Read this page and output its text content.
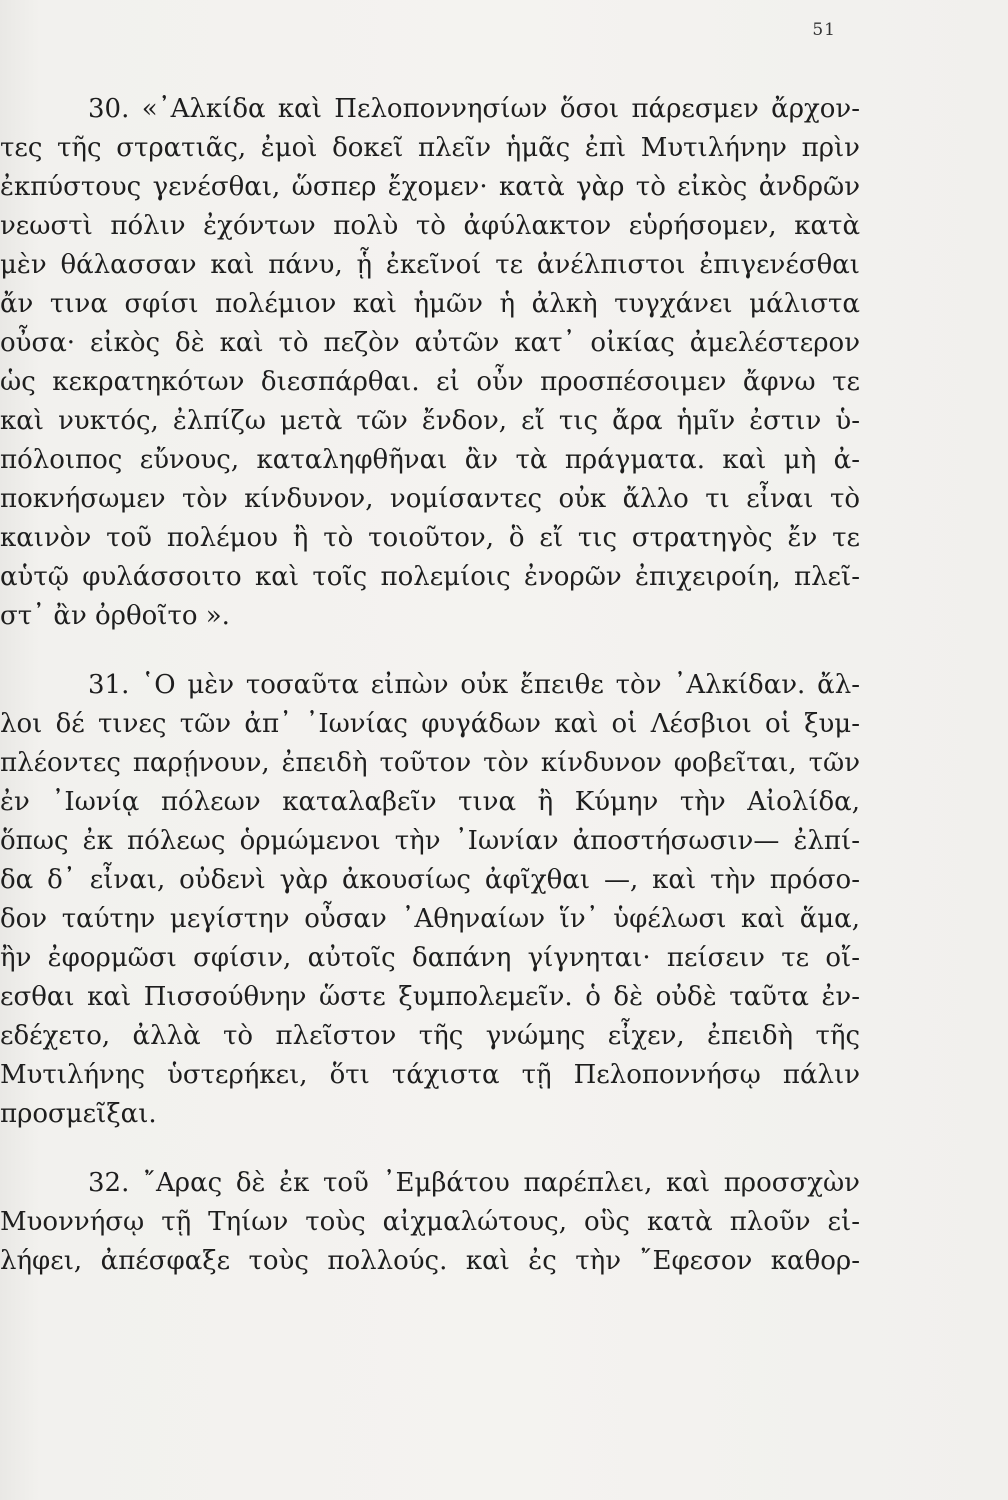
51
30. «᾿Αλκίδα καὶ Πελοποννησίων ὅσοι πάρεσμεν ἄρχον-
τες τῆς στρατιᾶς, ἐμοὶ δοκεῖ πλεῖν ἡμᾶς ἐπὶ Μυτιλήνην πρὶν
ἐκπύστους γενέσθαι, ὥσπερ ἔχομεν· κατὰ γὰρ τὸ εἰκὸς ἀνδρῶν
νεωστὶ πόλιν ἐχόντων πολὺ τὸ ἀφύλακτον εὑρήσομεν, κατὰ
μὲν θάλασσαν καὶ πάνυ, ᾗ ἐκεῖνοί τε ἀνέλπιστοι ἐπιγενέσθαι
ἄν τινα σφίσι πολέμιον καὶ ἡμῶν ἡ ἀλκὴ τυγχάνει μάλιστα
οὖσα· εἰκὸς δὲ καὶ τὸ πεζὸν αὐτῶν κατ᾿ οἰκίας ἀμελέστερον
ὡς κεκρατηκότων διεσπάρθαι. εἰ οὖν προσπέσοιμεν ἄφνω τε
καὶ νυκτός, ἐλπίζω μετὰ τῶν ἔνδον, εἴ τις ἄρα ἡμῖν ἐστιν ὑ-
πόλοιπος εὔνους, καταληφθῆναι ἂν τὰ πράγματα. καὶ μὴ ἀ-
ποκνήσωμεν τὸν κίνδυνον, νομίσαντες οὐκ ἄλλο τι εἶναι τὸ
καινὸν τοῦ πολέμου ἢ τὸ τοιοῦτον, ὃ εἴ τις στρατηγὸς ἔν τε
αὑτῷ φυλάσσοιτο καὶ τοῖς πολεμίοις ἐνορῶν ἐπιχειροίη, πλεῖ-
στ᾿ ἂν ὀρθοῖτο ».
31. ῾Ο μὲν τοσαῦτα εἰπὼν οὐκ ἔπειθε τὸν ᾿Αλκίδαν. ἄλ-
λοι δέ τινες τῶν ἀπ᾿ ᾿Ιωνίας φυγάδων καὶ οἱ Λέσβιοι οἱ ξυμ-
πλέοντες παρῄνουν, ἐπειδὴ τοῦτον τὸν κίνδυνον φοβεῖται, τῶν
ἐν ᾿Ιωνίᾳ πόλεων καταλαβεῖν τινα ἢ Κύμην τὴν Αἰολίδα,
ὅπως ἐκ πόλεως ὁρμώμενοι τὴν ᾿Ιωνίαν ἀποστήσωσιν— ἐλπί-
δα δ᾿ εἶναι, οὐδενὶ γὰρ ἀκουσίως ἀφῖχθαι —, καὶ τὴν πρόσο-
δον ταύτην μεγίστην οὖσαν ᾿Αθηναίων ἵν᾿ ὑφέλωσι καὶ ἅμα,
ἢν ἐφορμῶσι σφίσιν, αὐτοῖς δαπάνη γίγνηται· πείσειν τε οἴ-
εσθαι καὶ Πισσούθνην ὥστε ξυμπολεμεῖν. ὁ δὲ οὐδὲ ταῦτα ἐν-
εδέχετο, ἀλλὰ τὸ πλεῖστον τῆς γνώμης εἶχεν, ἐπειδὴ τῆς
Μυτιλήνης ὑστερήκει, ὅτι τάχιστα τῇ Πελοποννήσῳ πάλιν
προσμεῖξαι.
32. ῎Αρας δὲ ἐκ τοῦ ᾿Εμβάτου παρέπλει, καὶ προσσχὼν
Μυοννήσῳ τῇ Τηίων τοὺς αἰχμαλώτους, οὓς κατὰ πλοῦν εἰ-
λήφει, ἀπέσφαξε τοὺς πολλούς. καὶ ἐς τὴν ῎Εφεσον καθορ-
